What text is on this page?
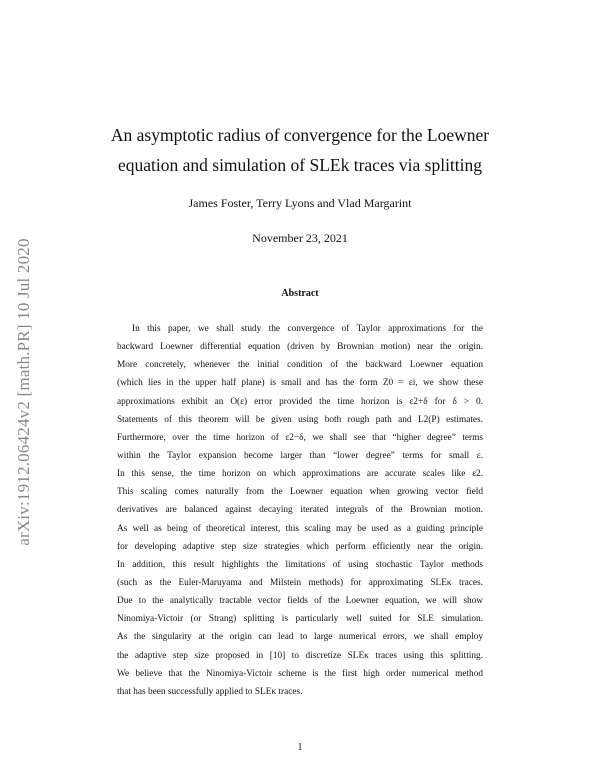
arXiv:1912.06424v2 [math.PR] 10 Jul 2020
An asymptotic radius of convergence for the Loewner
equation and simulation of SLEk traces via splitting
James Foster, Terry Lyons and Vlad Margarint
November 23, 2021
Abstract
In this paper, we shall study the convergence of Taylor approximations for the
backward Loewner differential equation (driven by Brownian motion) near the origin.
More concretely, whenever the initial condition of the backward Loewner equation
(which lies in the upper half plane) is small and has the form Z0 = εi, we show these
approximations exhibit an O(ε) error provided the time horizon is ε2+δ for δ > 0.
Statements of this theorem will be given using both rough path and L2(P) estimates.
Furthermore, over the time horizon of ε2−δ, we shall see that “higher degree” terms
within the Taylor expansion become larger than “lower degree” terms for small ε.
In this sense, the time horizon on which approximations are accurate scales like ε2.
This scaling comes naturally from the Loewner equation when growing vector field
derivatives are balanced against decaying iterated integrals of the Brownian motion.
As well as being of theoretical interest, this scaling may be used as a guiding principle
for developing adaptive step size strategies which perform efficiently near the origin.
In addition, this result highlights the limitations of using stochastic Taylor methods
(such as the Euler-Maruyama and Milstein methods) for approximating SLEκ traces.
Due to the analytically tractable vector fields of the Loewner equation, we will show
Ninomiya-Victoir (or Strang) splitting is particularly well suited for SLE simulation.
As the singularity at the origin can lead to large numerical errors, we shall employ
the adaptive step size proposed in [10] to discretize SLEκ traces using this splitting.
We believe that the Ninomiya-Victoir scheme is the first high order numerical method
that has been successfully applied to SLEκ traces.
1
